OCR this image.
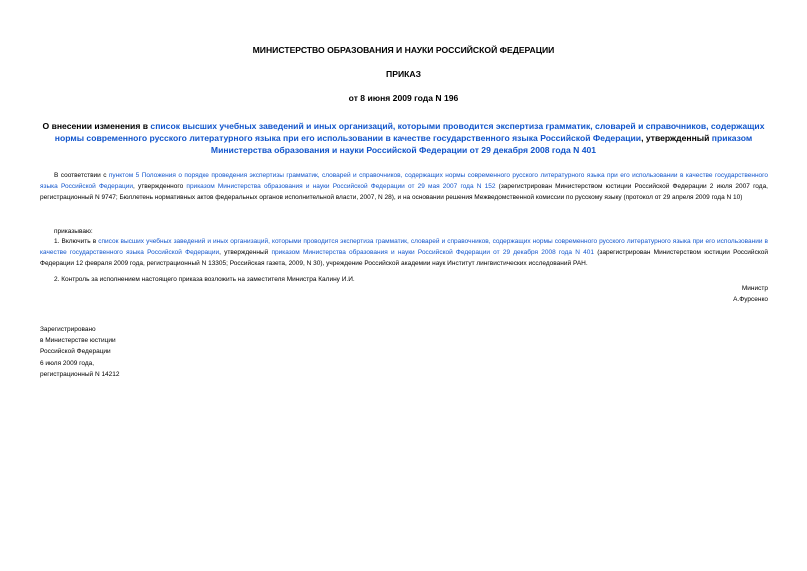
МИНИСТЕРСТВО ОБРАЗОВАНИЯ И НАУКИ РОССИЙСКОЙ ФЕДЕРАЦИИ
ПРИКАЗ
от 8 июня 2009 года N 196
О внесении изменения в список высших учебных заведений и иных организаций, которыми проводится экспертиза грамматик, словарей и справочников, содержащих нормы современного русского литературного языка при его использовании в качестве государственного языка Российской Федерации, утвержденный приказом Министерства образования и науки Российской Федерации от 29 декабря 2008 года N 401
В соответствии с пунктом 5 Положения о порядке проведения экспертизы грамматик, словарей и справочников, содержащих нормы современного русского литературного языка при его использовании в качестве государственного языка Российской Федерации, утвержденного приказом Министерства образования и науки Российской Федерации от 29 мая 2007 года N 152 (зарегистрирован Министерством юстиции Российской Федерации 2 июля 2007 года, регистрационный N 9747; Бюллетень нормативных актов федеральных органов исполнительной власти, 2007, N 28), и на основании решения Межведомственной комиссии по русскому языку (протокол от 29 апреля 2009 года N 10)
приказываю:
1. Включить в список высших учебных заведений и иных организаций, которыми проводится экспертиза грамматик, словарей и справочников, содержащих нормы современного русского литературного языка при его использовании в качестве государственного языка Российской Федерации, утвержденный приказом Министерства образования и науки Российской Федерации от 29 декабря 2008 года N 401 (зарегистрирован Министерством юстиции Российской Федерации 12 февраля 2009 года, регистрационный N 13305; Российская газета, 2009, N 30), учреждение Российской академии наук Институт лингвистических исследований РАН.
2. Контроль за исполнением настоящего приказа возложить на заместителя Министра Калину И.И.
Министр
А.Фурсенко
Зарегистрировано
в Министерстве юстиции
Российской Федерации
6 июля 2009 года,
регистрационный N 14212
